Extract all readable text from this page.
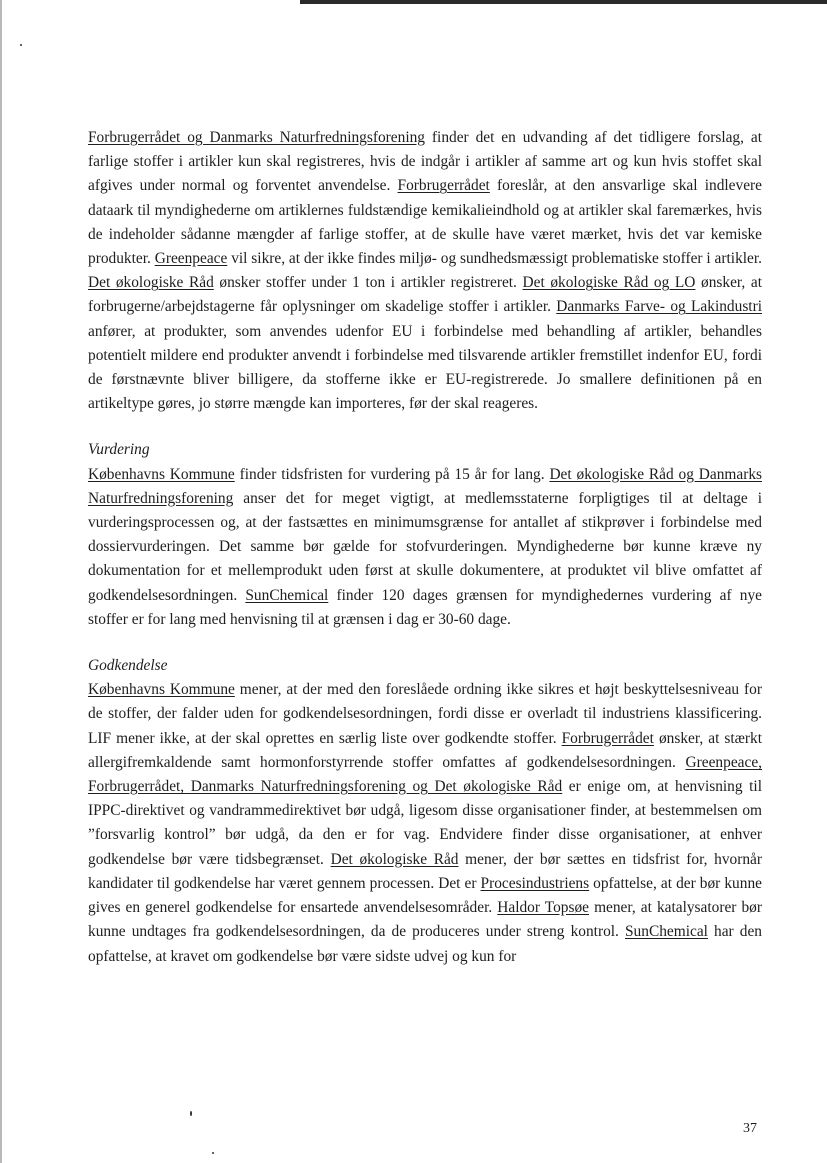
Forbrugerrådet og Danmarks Naturfredningsforening finder det en udvanding af det tidligere forslag, at farlige stoffer i artikler kun skal registreres, hvis de indgår i artikler af samme art og kun hvis stoffet skal afgives under normal og forventet anvendelse. Forbrugerrådet foreslår, at den ansvarlige skal indlevere dataark til myndighederne om artiklernes fuldstændige kemikalieindhold og at artikler skal faremærkes, hvis de indeholder sådanne mængder af farlige stoffer, at de skulle have været mærket, hvis det var kemiske produkter. Greenpeace vil sikre, at der ikke findes miljø- og sundhedsmæssigt problematiske stoffer i artikler. Det økologiske Råd ønsker stoffer under 1 ton i artikler registreret. Det økologiske Råd og LO ønsker, at forbrugerne/arbejdstagerne får oplysninger om skadelige stoffer i artikler. Danmarks Farve- og Lakindustri anfører, at produkter, som anvendes udenfor EU i forbindelse med behandling af artikler, behandles potentielt mildere end produkter anvendt i forbindelse med tilsvarende artikler fremstillet indenfor EU, fordi de førstnævnte bliver billigere, da stofferne ikke er EU-registrerede. Jo smallere definitionen på en artikeltype gøres, jo større mængde kan importeres, før der skal reageres.

Vurdering

Københavns Kommune finder tidsfristen for vurdering på 15 år for lang. Det økologiske Råd og Danmarks Naturfredningsforening anser det for meget vigtigt, at medlemsstaterne forpligtiges til at deltage i vurderingsprocessen og, at der fastsættes en minimumsgrænse for antallet af stikprøver i forbindelse med dossiervurderingen. Det samme bør gælde for stofvurderingen. Myndighederne bør kunne kræve ny dokumentation for et mellemprodukt uden først at skulle dokumentere, at produktet vil blive omfattet af godkendelsesordningen. SunChemical finder 120 dages grænsen for myndighedernes vurdering af nye stoffer er for lang med henvisning til at grænsen i dag er 30-60 dage.

Godkendelse

Københavns Kommune mener, at der med den foreslåede ordning ikke sikres et højt beskyttelsesniveau for de stoffer, der falder uden for godkendelsesordningen, fordi disse er overladt til industriens klassificering. LIF mener ikke, at der skal oprettes en særlig liste over godkendte stoffer. Forbrugerrådet ønsker, at stærkt allergifremkaldende samt hormonforstyrrende stoffer omfattes af godkendelsesordningen. Greenpeace, Forbrugerrådet, Danmarks Naturfredningsforening og Det økologiske Råd er enige om, at henvisning til IPPC-direktivet og vandrammedirektivet bør udgå, ligesom disse organisationer finder, at bestemmelsen om ”forsvarlig kontrol” bør udgå, da den er for vag. Endvidere finder disse organisationer, at enhver godkendelse bør være tidsbegrænset. Det økologiske Råd mener, der bør sættes en tidsfrist for, hvornår kandidater til godkendelse har været gennem processen. Det er Procesindustriens opfattelse, at der bør kunne gives en generel godkendelse for ensartede anvendelsesområder. Haldor Topsøe mener, at katalysatorer bør kunne undtages fra godkendelsesordningen, da de produceres under streng kontrol. SunChemical har den opfattelse, at kravet om godkendelse bør være sidste udvej og kun for

37
